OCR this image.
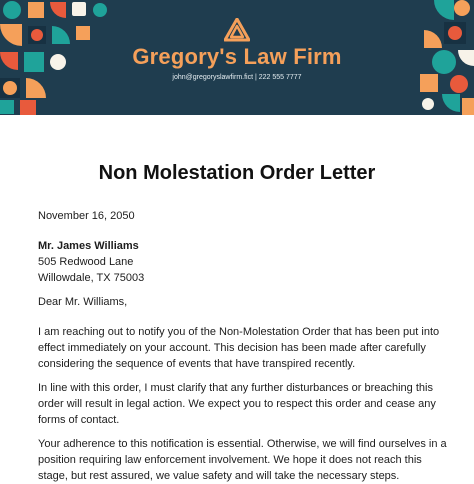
Gregory's Law Firm
john@gregoryslawfirm.fict | 222 555 7777
Non Molestation Order Letter
November 16, 2050
Mr. James Williams
505 Redwood Lane
Willowdale, TX 75003
Dear Mr. Williams,
I am reaching out to notify you of the Non-Molestation Order that has been put into effect immediately on your account. This decision has been made after carefully considering the sequence of events that have transpired recently.
In line with this order, I must clarify that any further disturbances or breaching this order will result in legal action. We expect you to respect this order and cease any forms of contact.
Your adherence to this notification is essential. Otherwise, we will find ourselves in a position requiring law enforcement involvement. We hope it does not reach this stage, but rest assured, we value safety and will take the necessary steps.
